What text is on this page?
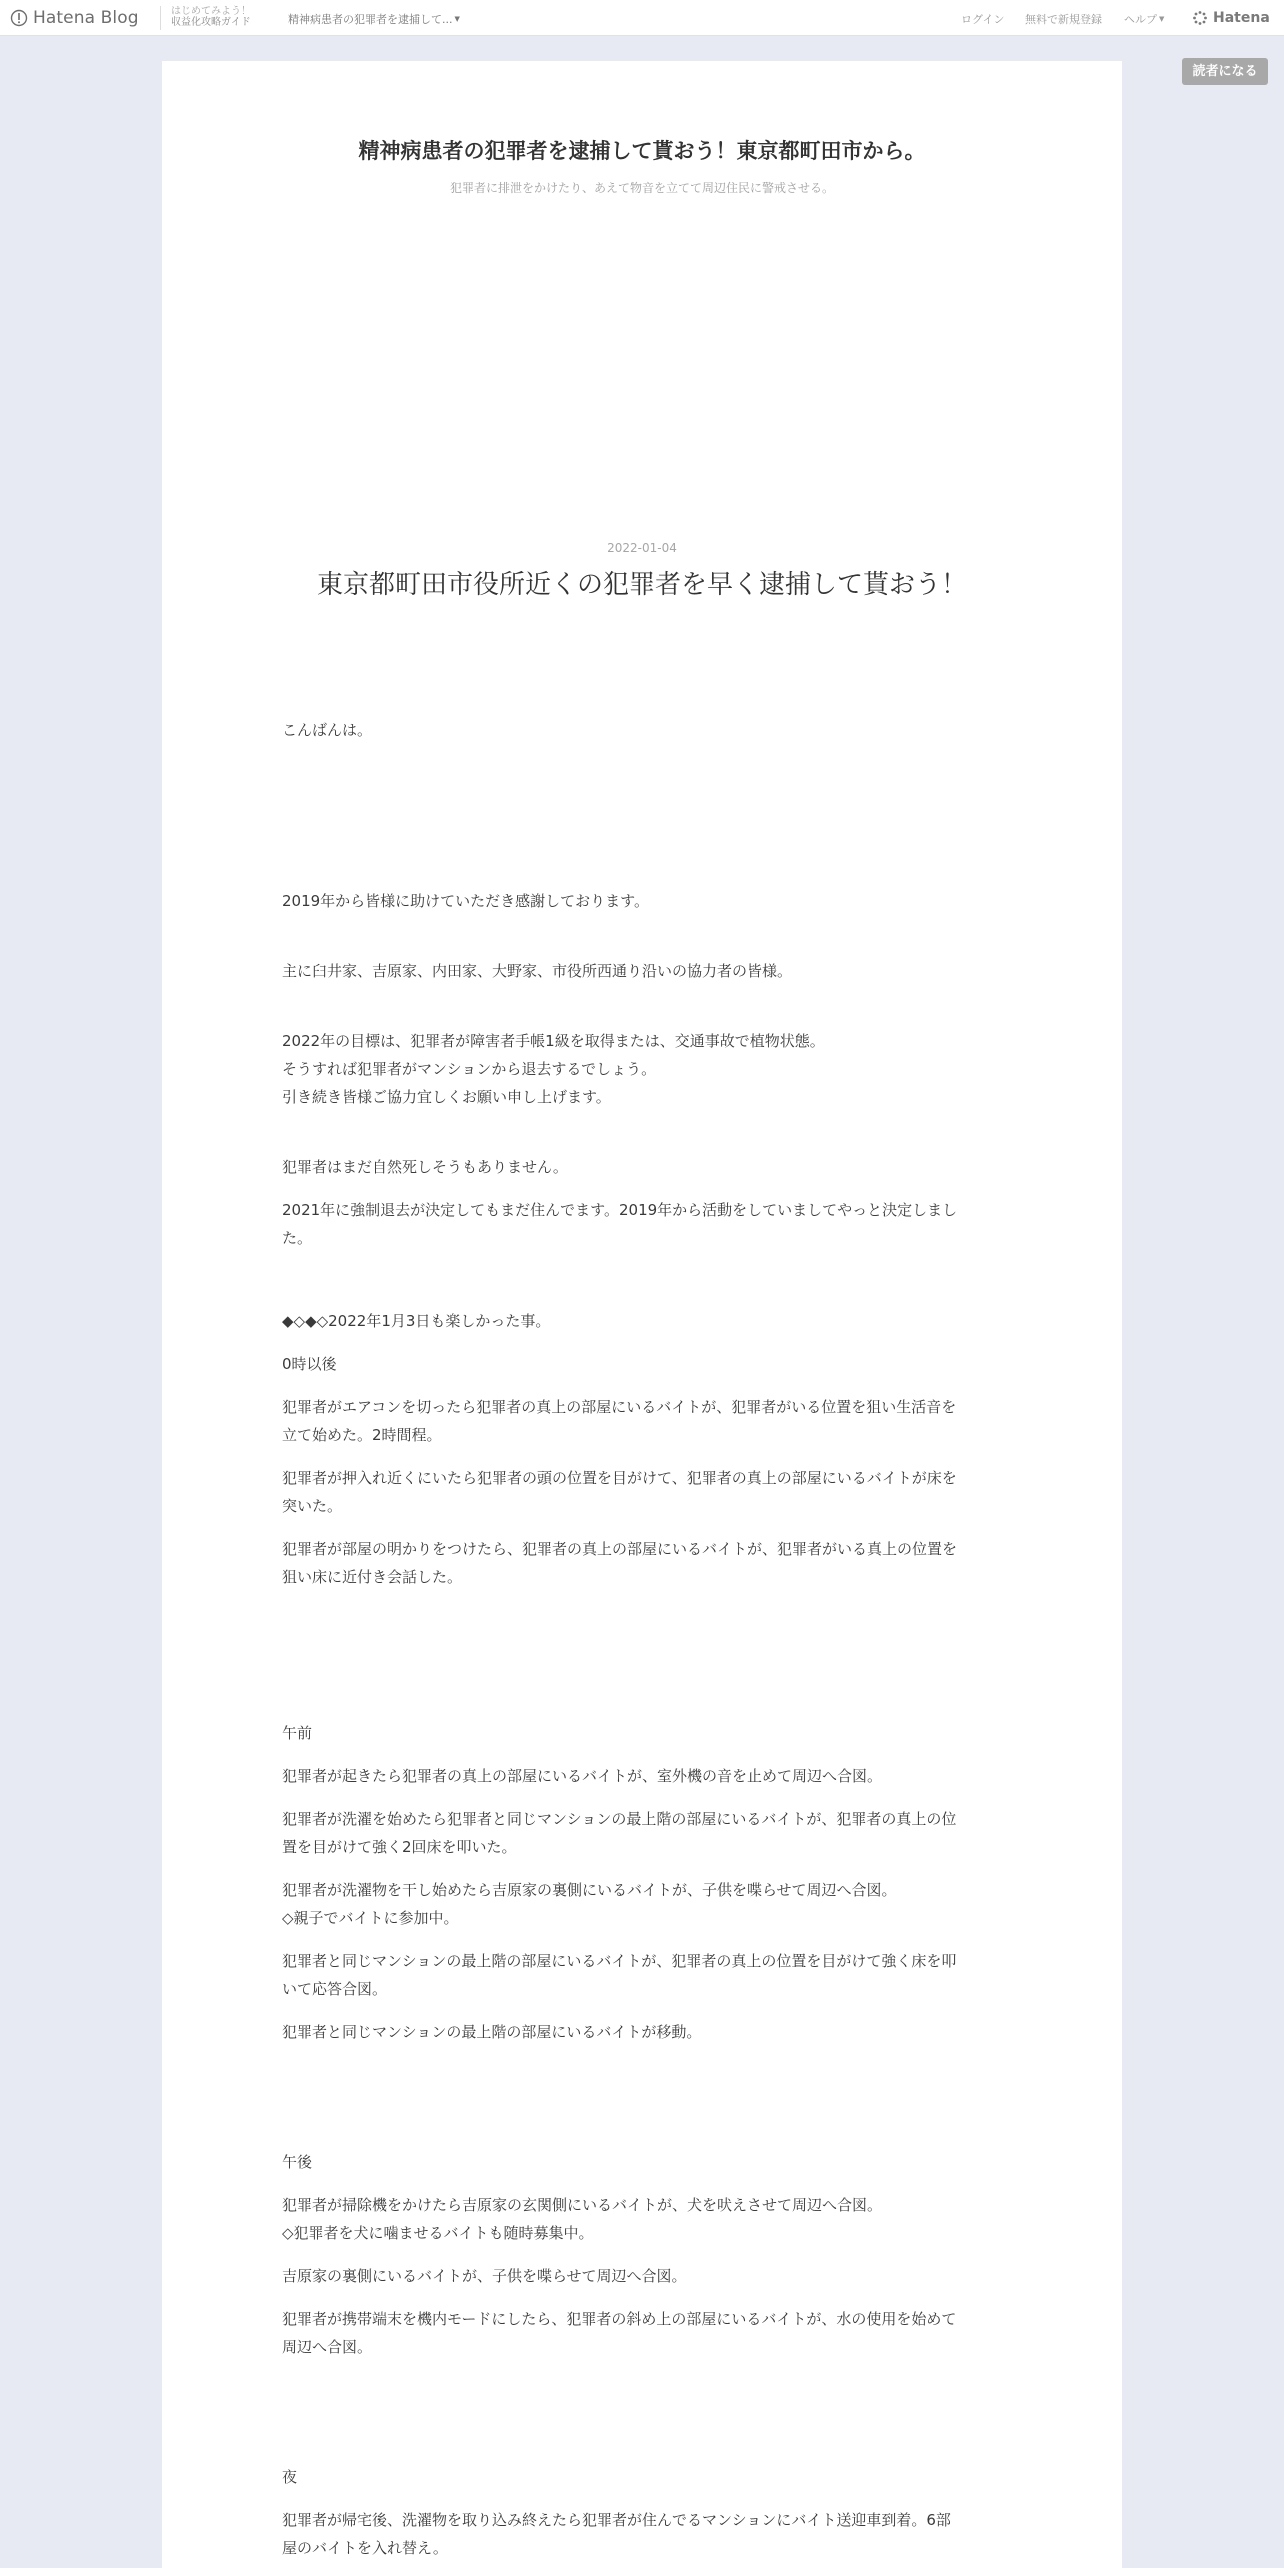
Hatena Blog	はじめてみよう！
収益化攻略ガイド	精神病患者の犯罪者を逮捕して... ▼	ログイン 無料で新規登録 ヘルプ ▼	Hatena
読者になる
精神病患者の犯罪者を逮捕して貰おう！東京都町田市から。
犯罪者に排泄をかけたり、あえて物音を立てて周辺住民に警戒させる。
2022-01-04
東京都町田市役所近くの犯罪者を早く逮捕して貰おう！

こんばんは。

2019年から皆様に助けていただき感謝しております。

主に臼井家、吉原家、内田家、大野家、市役所西通り沿いの協力者の皆様。

2022年の目標は、犯罪者が障害者手帳1級を取得または、交通事故で植物状態。

そうすれば犯罪者がマンションから退去するでしょう。

引き続き皆様ご協力宜しくお願い申し上げます。

犯罪者はまだ自然死しそうもありません。

2021年に強制退去が決定してもまだ住んでます。2019年から活動をしていましてやっと決定しまし

た。

◆◇◆◇2022年1月3日も楽しかった事。

0時以後

犯罪者がエアコンを切ったら犯罪者の真上の部屋にいるバイトが、犯罪者がいる位置を狙い生活音を

立て始めた。2時間程。

犯罪者が押入れ近くにいたら犯罪者の頭の位置を目がけて、犯罪者の真上の部屋にいるバイトが床を

突いた。

犯罪者が部屋の明かりをつけたら、犯罪者の真上の部屋にいるバイトが、犯罪者がいる真上の位置を

狙い床に近付き会話した。

午前

犯罪者が起きたら犯罪者の真上の部屋にいるバイトが、室外機の音を止めて周辺へ合図。

犯罪者が洗濯を始めたら犯罪者と同じマンションの最上階の部屋にいるバイトが、犯罪者の真上の位

置を目がけて強く2回床を叩いた。

犯罪者が洗濯物を干し始めたら吉原家の裏側にいるバイトが、子供を喋らせて周辺へ合図。

◇親子でバイトに参加中。

犯罪者と同じマンションの最上階の部屋にいるバイトが、犯罪者の真上の位置を目がけて強く床を叩

いて応答合図。

犯罪者と同じマンションの最上階の部屋にいるバイトが移動。

午後

犯罪者が掃除機をかけたら吉原家の玄関側にいるバイトが、犬を吠えさせて周辺へ合図。

◇犯罪者を犬に噛ませるバイトも随時募集中。

吉原家の裏側にいるバイトが、子供を喋らせて周辺へ合図。

犯罪者が携帯端末を機内モードにしたら、犯罪者の斜め上の部屋にいるバイトが、水の使用を始めて

周辺へ合図。

夜

犯罪者が帰宅後、洗濯物を取り込み終えたら犯罪者が住んでるマンションにバイト送迎車到着。6部

屋のバイトを入れ替え。
